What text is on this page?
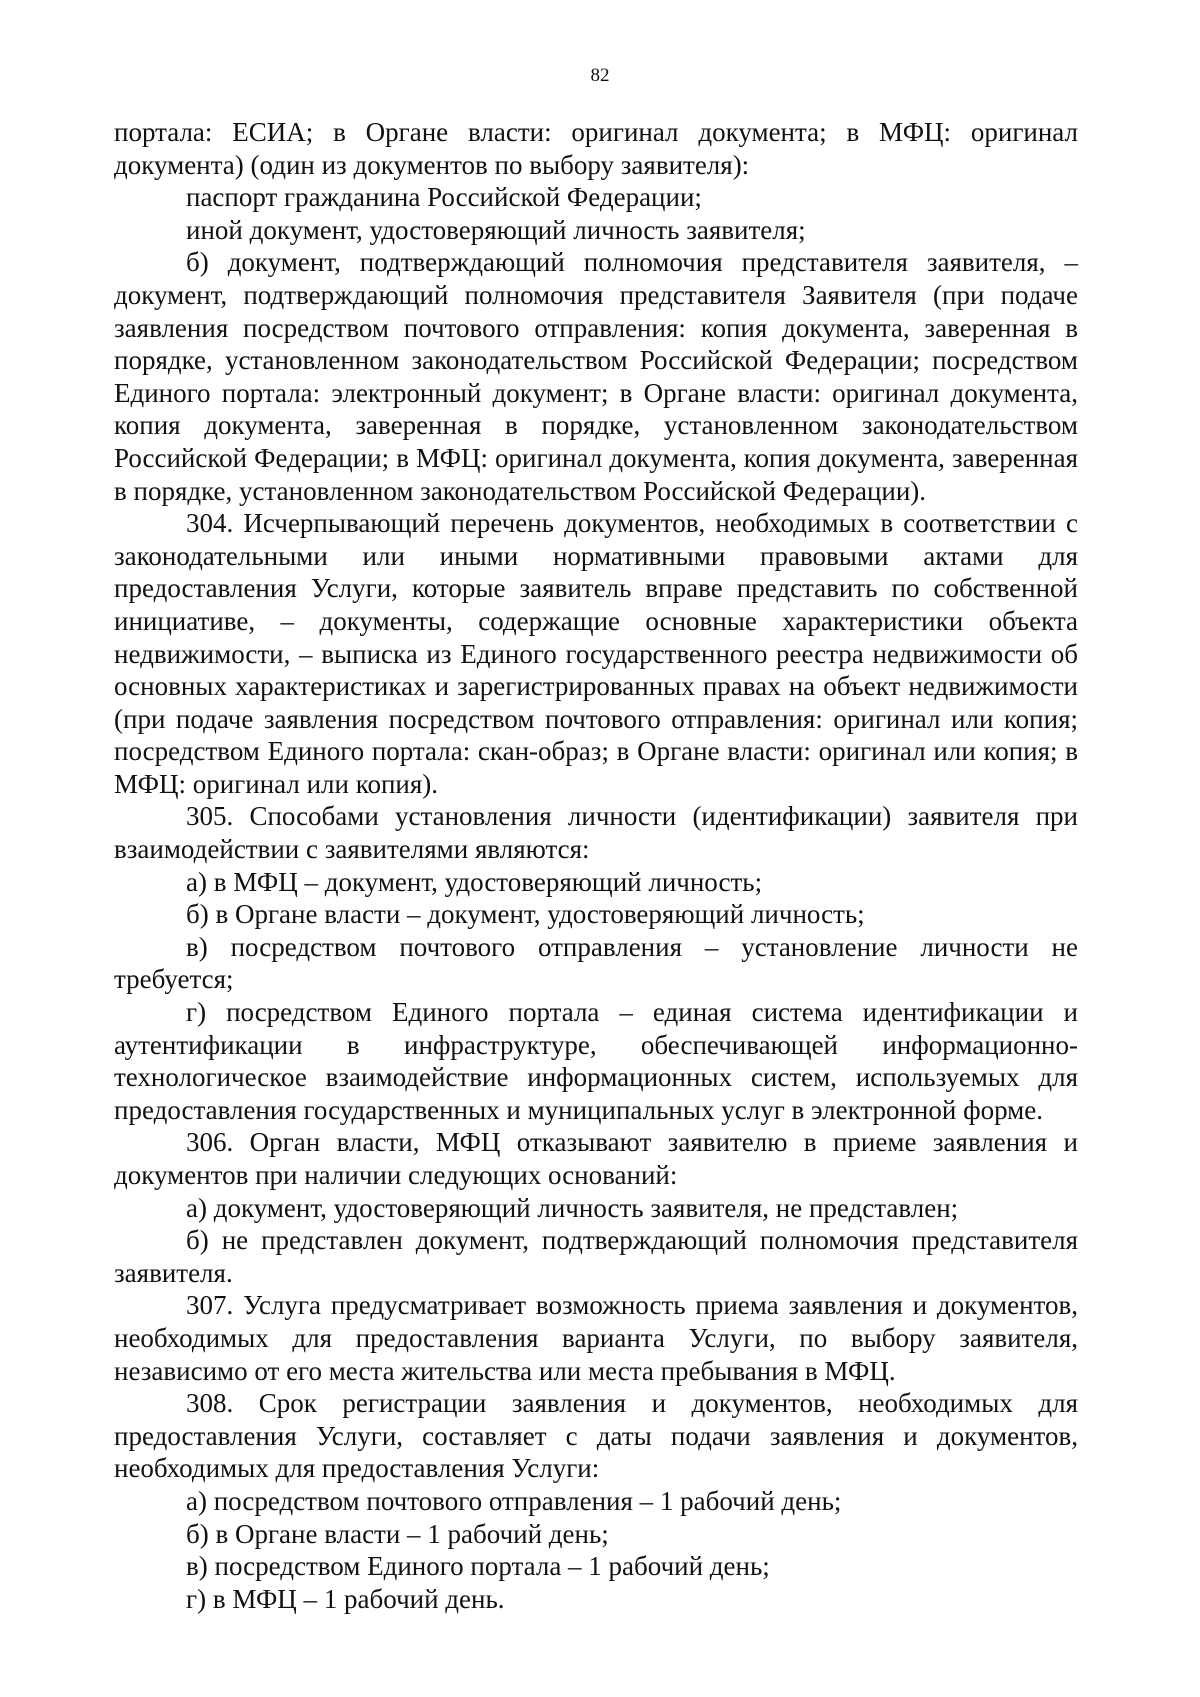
82

портала: ЕСИА; в Органе власти: оригинал документа; в МФЦ: оригинал документа) (один из документов по выбору заявителя):

паспорт гражданина Российской Федерации;

иной документ, удостоверяющий личность заявителя;

б) документ, подтверждающий полномочия представителя заявителя, – документ, подтверждающий полномочия представителя Заявителя (при подаче заявления посредством почтового отправления: копия документа, заверенная в порядке, установленном законодательством Российской Федерации; посредством Единого портала: электронный документ; в Органе власти: оригинал документа, копия документа, заверенная в порядке, установленном законодательством Российской Федерации; в МФЦ: оригинал документа, копия документа, заверенная в порядке, установленном законодательством Российской Федерации).

304. Исчерпывающий перечень документов, необходимых в соответствии с законодательными или иными нормативными правовыми актами для предоставления Услуги, которые заявитель вправе представить по собственной инициативе, – документы, содержащие основные характеристики объекта недвижимости, – выписка из Единого государственного реестра недвижимости об основных характеристиках и зарегистрированных правах на объект недвижимости (при подаче заявления посредством почтового отправления: оригинал или копия; посредством Единого портала: скан-образ; в Органе власти: оригинал или копия; в МФЦ: оригинал или копия).

305. Способами установления личности (идентификации) заявителя при взаимодействии с заявителями являются:

а) в МФЦ – документ, удостоверяющий личность;

б) в Органе власти – документ, удостоверяющий личность;

в) посредством почтового отправления – установление личности не требуется;

г) посредством Единого портала – единая система идентификации и аутентификации в инфраструктуре, обеспечивающей информационно-технологическое взаимодействие информационных систем, используемых для предоставления государственных и муниципальных услуг в электронной форме.

306. Орган власти, МФЦ отказывают заявителю в приеме заявления и документов при наличии следующих оснований:

а) документ, удостоверяющий личность заявителя, не представлен;

б) не представлен документ, подтверждающий полномочия представителя заявителя.

307. Услуга предусматривает возможность приема заявления и документов, необходимых для предоставления варианта Услуги, по выбору заявителя, независимо от его места жительства или места пребывания в МФЦ.

308. Срок регистрации заявления и документов, необходимых для предоставления Услуги, составляет с даты подачи заявления и документов, необходимых для предоставления Услуги:

а) посредством почтового отправления – 1 рабочий день;

б) в Органе власти – 1 рабочий день;

в) посредством Единого портала – 1 рабочий день;

г) в МФЦ – 1 рабочий день.
